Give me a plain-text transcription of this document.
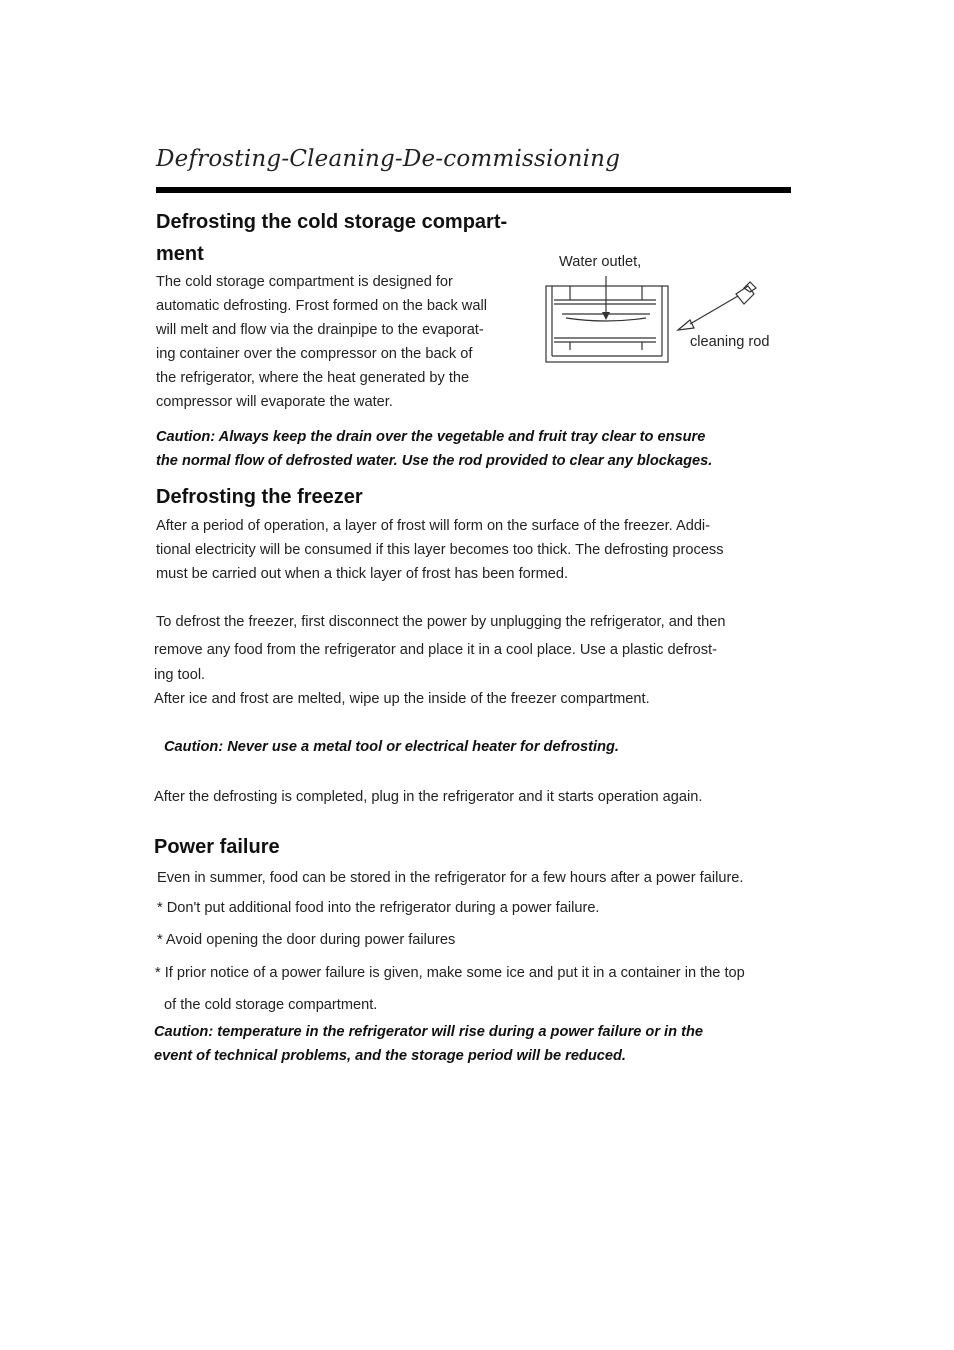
Defrosting-Cleaning-De-commissioning
Defrosting the cold storage compart-
ment
The cold storage compartment is designed for
automatic defrosting. Frost formed on the back wall
will melt and flow via the drainpipe to the evaporat-
ing container over the compressor on the back of
the refrigerator, where the heat generated by the
compressor will evaporate the water.
Water outlet,
cleaning rod
Caution: Always keep the drain over the vegetable and fruit tray clear to ensure
the normal flow of defrosted water. Use the rod provided to clear any blockages.
Defrosting the freezer
After a period of operation, a layer of frost will form on the surface of the freezer. Addi-
tional electricity will be consumed if this layer becomes too thick. The defrosting process
must be carried out when a thick layer of frost has been formed.
To defrost the freezer, first disconnect the power by unplugging the refrigerator, and then
remove any food from the refrigerator and place it in a cool place. Use a plastic defrost-
ing tool.
After ice and frost are melted, wipe up the inside of the freezer compartment.
Caution: Never use a metal tool or electrical heater for defrosting.
After the defrosting is completed, plug in the refrigerator and it starts operation again.
Power failure
Even in summer, food can be stored in the refrigerator for a few hours after a power failure.
* Don't put additional food into the refrigerator during a power failure.
* Avoid opening the door during power failures
* If prior notice of a power failure is given, make some ice and put it in a container in the top
of the cold storage compartment.
Caution: temperature in the refrigerator will rise during a power failure or in the
event of technical problems, and the storage period will be reduced.
